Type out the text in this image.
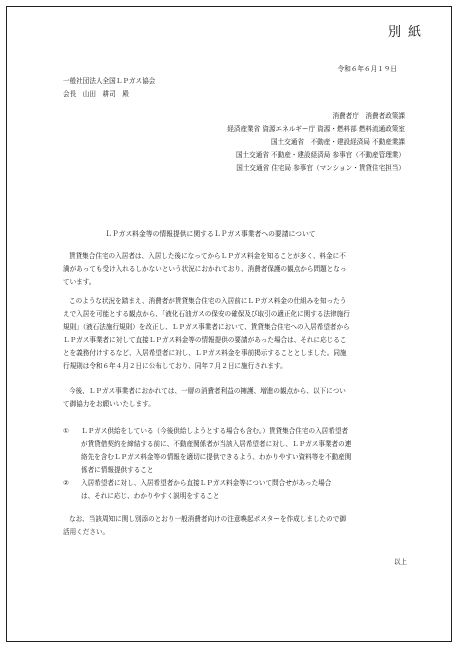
別紙
令和６年６月１９日
一般社団法人全国ＬＰガス協会
会長　山田　耕司　殿
消費者庁　消費者政策課
経済産業省 資源エネルギー庁 資源・燃料部 燃料流通政策室
国土交通省　不動産・建設経済局 不動産業課
国土交通省 不動産・建設経済局 参事官（不動産管理業）
国土交通省 住宅局 参事官（マンション・賃貸住宅担当）
ＬＰガス料金等の情報提供に関するＬＰガス事業者への要請について
賃貸集合住宅の入居者は、入居した後になってからＬＰガス料金を知ることが多く、料金に不
満があっても受け入れるしかないという状況におかれており、消費者保護の観点から問題となっ
ています。
このような状況を踏まえ、消費者が賃貸集合住宅の入居前にＬＰガス料金の仕組みを知ったう
えで入居を可能とする観点から、「液化石油ガスの保安の確保及び取引の適正化に関する法律施行
規則」（液石法施行規則）を改正し、ＬＰガス事業者において、賃貸集合住宅への入居希望者から
ＬＰガス事業者に対して直接ＬＰガス料金等の情報提供の要請があった場合は、それに応じるこ
とを義務付けするなど、入居希望者に対し、ＬＰガス料金を事前掲示することとしました。同施
行規則は令和６年４月２日に公布しており、同年７月２日に施行されます。
今後、ＬＰガス事業者におかれては、一層の消費者利益の擁護、増進の観点から、以下につい
て御協力をお願いいたします。
① ＬＰガス供給をしている（今後供給しようとする場合も含む。）賃貸集合住宅の入居希望者
が賃貸借契約を締結する前に、不動産関係者が当該入居希望者に対し、ＬＰガス事業者の連
絡先を含むＬＰガス料金等の情報を適切に提供できるよう、わかりやすい資料等を不動産関
係者に情報提供すること
② 入居希望者に対し、入居希望者から直接ＬＰガス料金等について問合せがあった場合
は、それに応じ、わかりやすく説明をすること
なお、当該周知に関し別添のとおり一般消費者向けの注意喚起ポスターを作成しましたので御
活用ください。
以上
